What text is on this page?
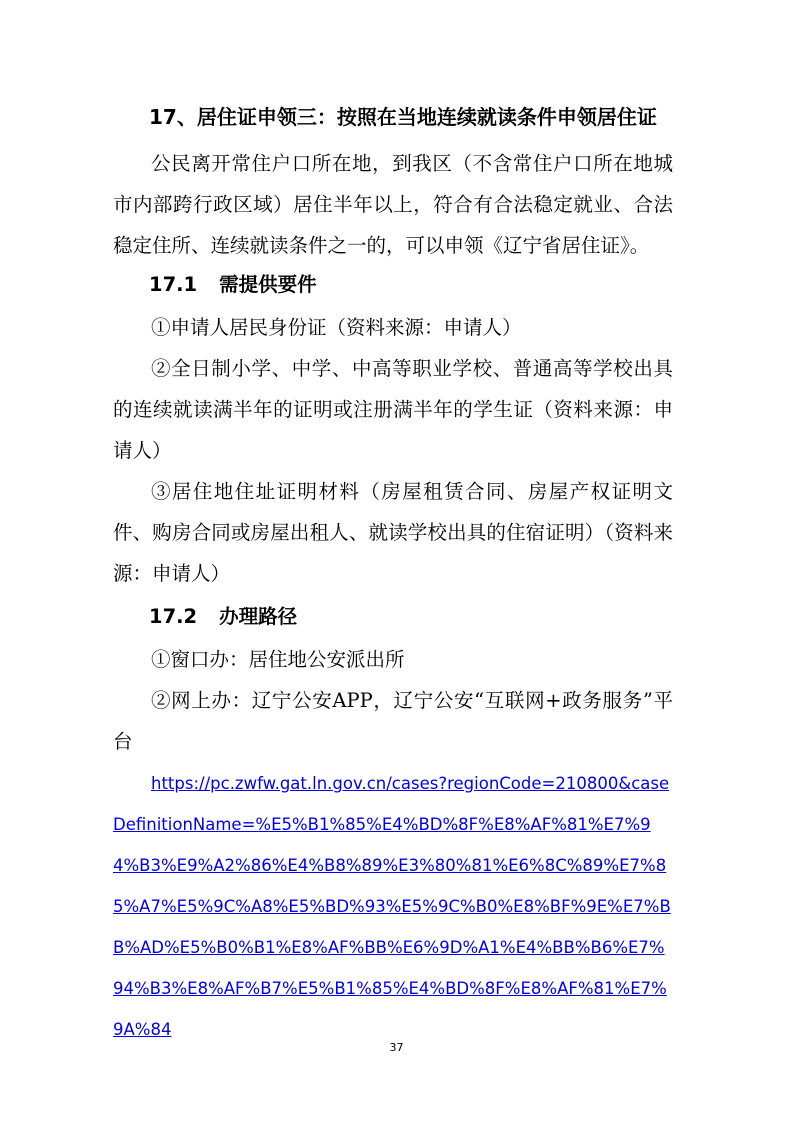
17、居住证申领三：按照在当地连续就读条件申领居住证
公民离开常住户口所在地，到我区（不含常住户口所在地城市内部跨行政区域）居住半年以上，符合有合法稳定就业、合法稳定住所、连续就读条件之一的，可以申领《辽宁省居住证》。
17.1 需提供要件
①申请人居民身份证（资料来源：申请人）
②全日制小学、中学、中高等职业学校、普通高等学校出具的连续就读满半年的证明或注册满半年的学生证（资料来源：申请人）
③居住地住址证明材料（房屋租赁合同、房屋产权证明文件、购房合同或房屋出租人、就读学校出具的住宿证明）（资料来源：申请人）
17.2 办理路径
①窗口办：居住地公安派出所
②网上办：辽宁公安APP，辽宁公安“互联网+政务服务”平台
https://pc.zwfw.gat.ln.gov.cn/cases?regionCode=210800&caseDefinitionName=%E5%B1%85%E4%BD%8F%E8%AF%81%E7%94%B3%E9%A2%86%E4%B8%89%E3%80%81%E6%8C%89%E7%85%A7%E5%9C%A8%E5%BD%93%E5%9C%B0%E8%BF%9E%E7%BB%AD%E5%B0%B1%E8%AF%BB%E6%9D%A1%E4%BB%B6%E7%94%B3%E8%AF%B7%E5%B1%85%E4%BD%8F%E8%AF%81%E7%9A%84
37
